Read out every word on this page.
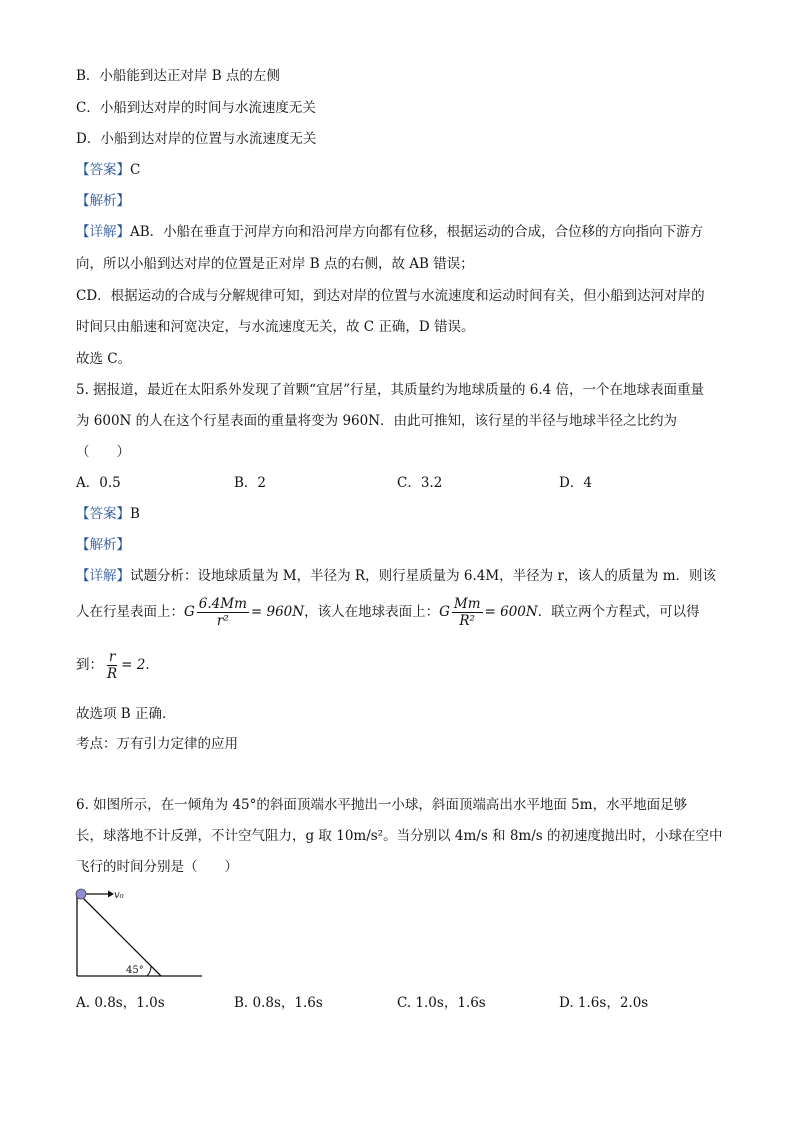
B．小船能到达正对岸 B 点的左侧
C．小船到达对岸的时间与水流速度无关
D．小船到达对岸的位置与水流速度无关
【答案】C
【解析】
【详解】AB．小船在垂直于河岸方向和沿河岸方向都有位移，根据运动的合成，合位移的方向指向下游方
向，所以小船到达对岸的位置是正对岸 B 点的右侧，故 AB 错误；
CD．根据运动的合成与分解规律可知，到达对岸的位置与水流速度和运动时间有关，但小船到达河对岸的
时间只由船速和河宽决定，与水流速度无关，故 C 正确，D 错误。
故选 C。
5. 据报道，最近在太阳系外发现了首颗“宜居”行星，其质量约为地球质量的 6.4 倍，一个在地球表面重量
为 600N 的人在这个行星表面的重量将变为 960N．由此可推知，该行星的半径与地球半径之比约为
（　　）
A．0.5	B．2	C．3.2	D．4
【答案】B
【解析】
【详解】试题分析：设地球质量为 M，半径为 R，则行星质量为 6.4M，半径为 r，该人的质量为 m．则该
人在行星表面上：G $\frac{6.4Mm}{\text{r²}} = 960N$，该人在地球表面上：G $\frac{Mm}{\text{R²}} = 600N$．联立两个方程式，可以得
到： $\frac{r}{R} = 2$．
故选项 B 正确．
考点：万有引力定律的应用
6. 如图所示，在一倾角为 45°的斜面顶端水平抛出一小球，斜面顶端高出水平地面 5m，水平地面足够
长，球落地不计反弹，不计空气阻力，g 取 10m/s²。当分别以 4m/s 和 8m/s 的初速度抛出时，小球在空中
飞行的时间分别是（　　）
v₀
45°
A. 0.8s，1.0s	B. 0.8s，1.6s	C. 1.0s，1.6s	D. 1.6s，2.0s
